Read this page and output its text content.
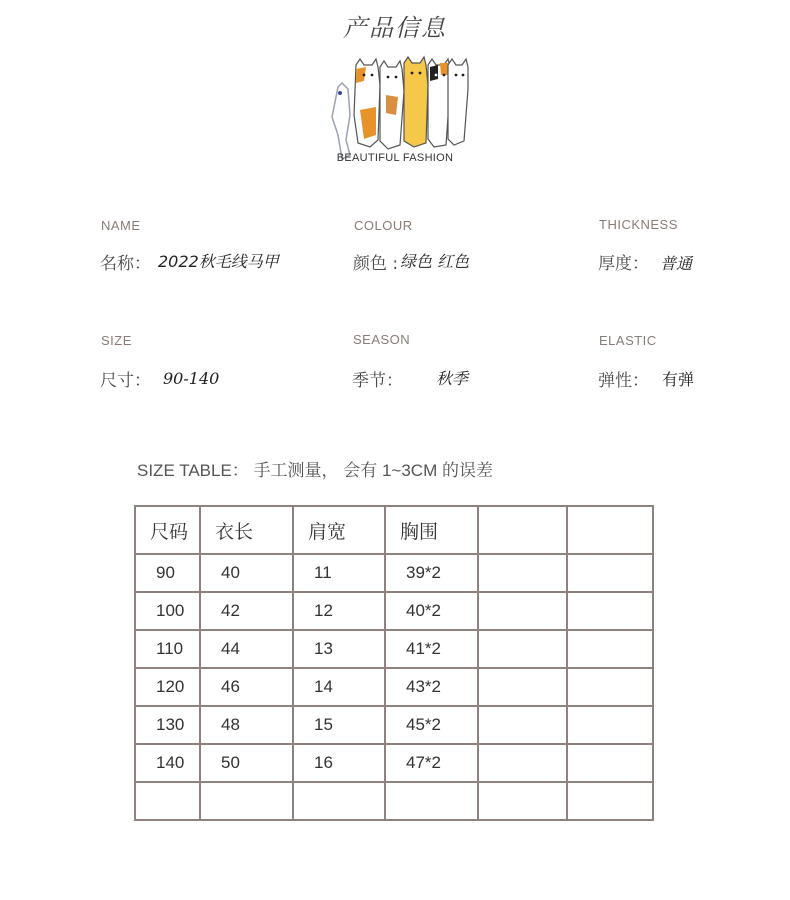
产品信息
BEAUTIFUL FASHION
NAME
名称： 2022秋毛线马甲
COLOUR
颜色 : 绿色 红色
THICKNESS
厚度： 普通
SIZE
尺寸： 90-140
SEASON
季节： 秋季
ELASTIC
弹性： 有弹
SIZE TABLE： 手工测量， 会有 1~3CM 的误差
尺码	衣长	肩宽	胸围		
90	40	11	39*2		
100	42	12	40*2		
110	44	13	41*2		
120	46	14	43*2		
130	48	15	45*2		
140	50	16	47*2		
